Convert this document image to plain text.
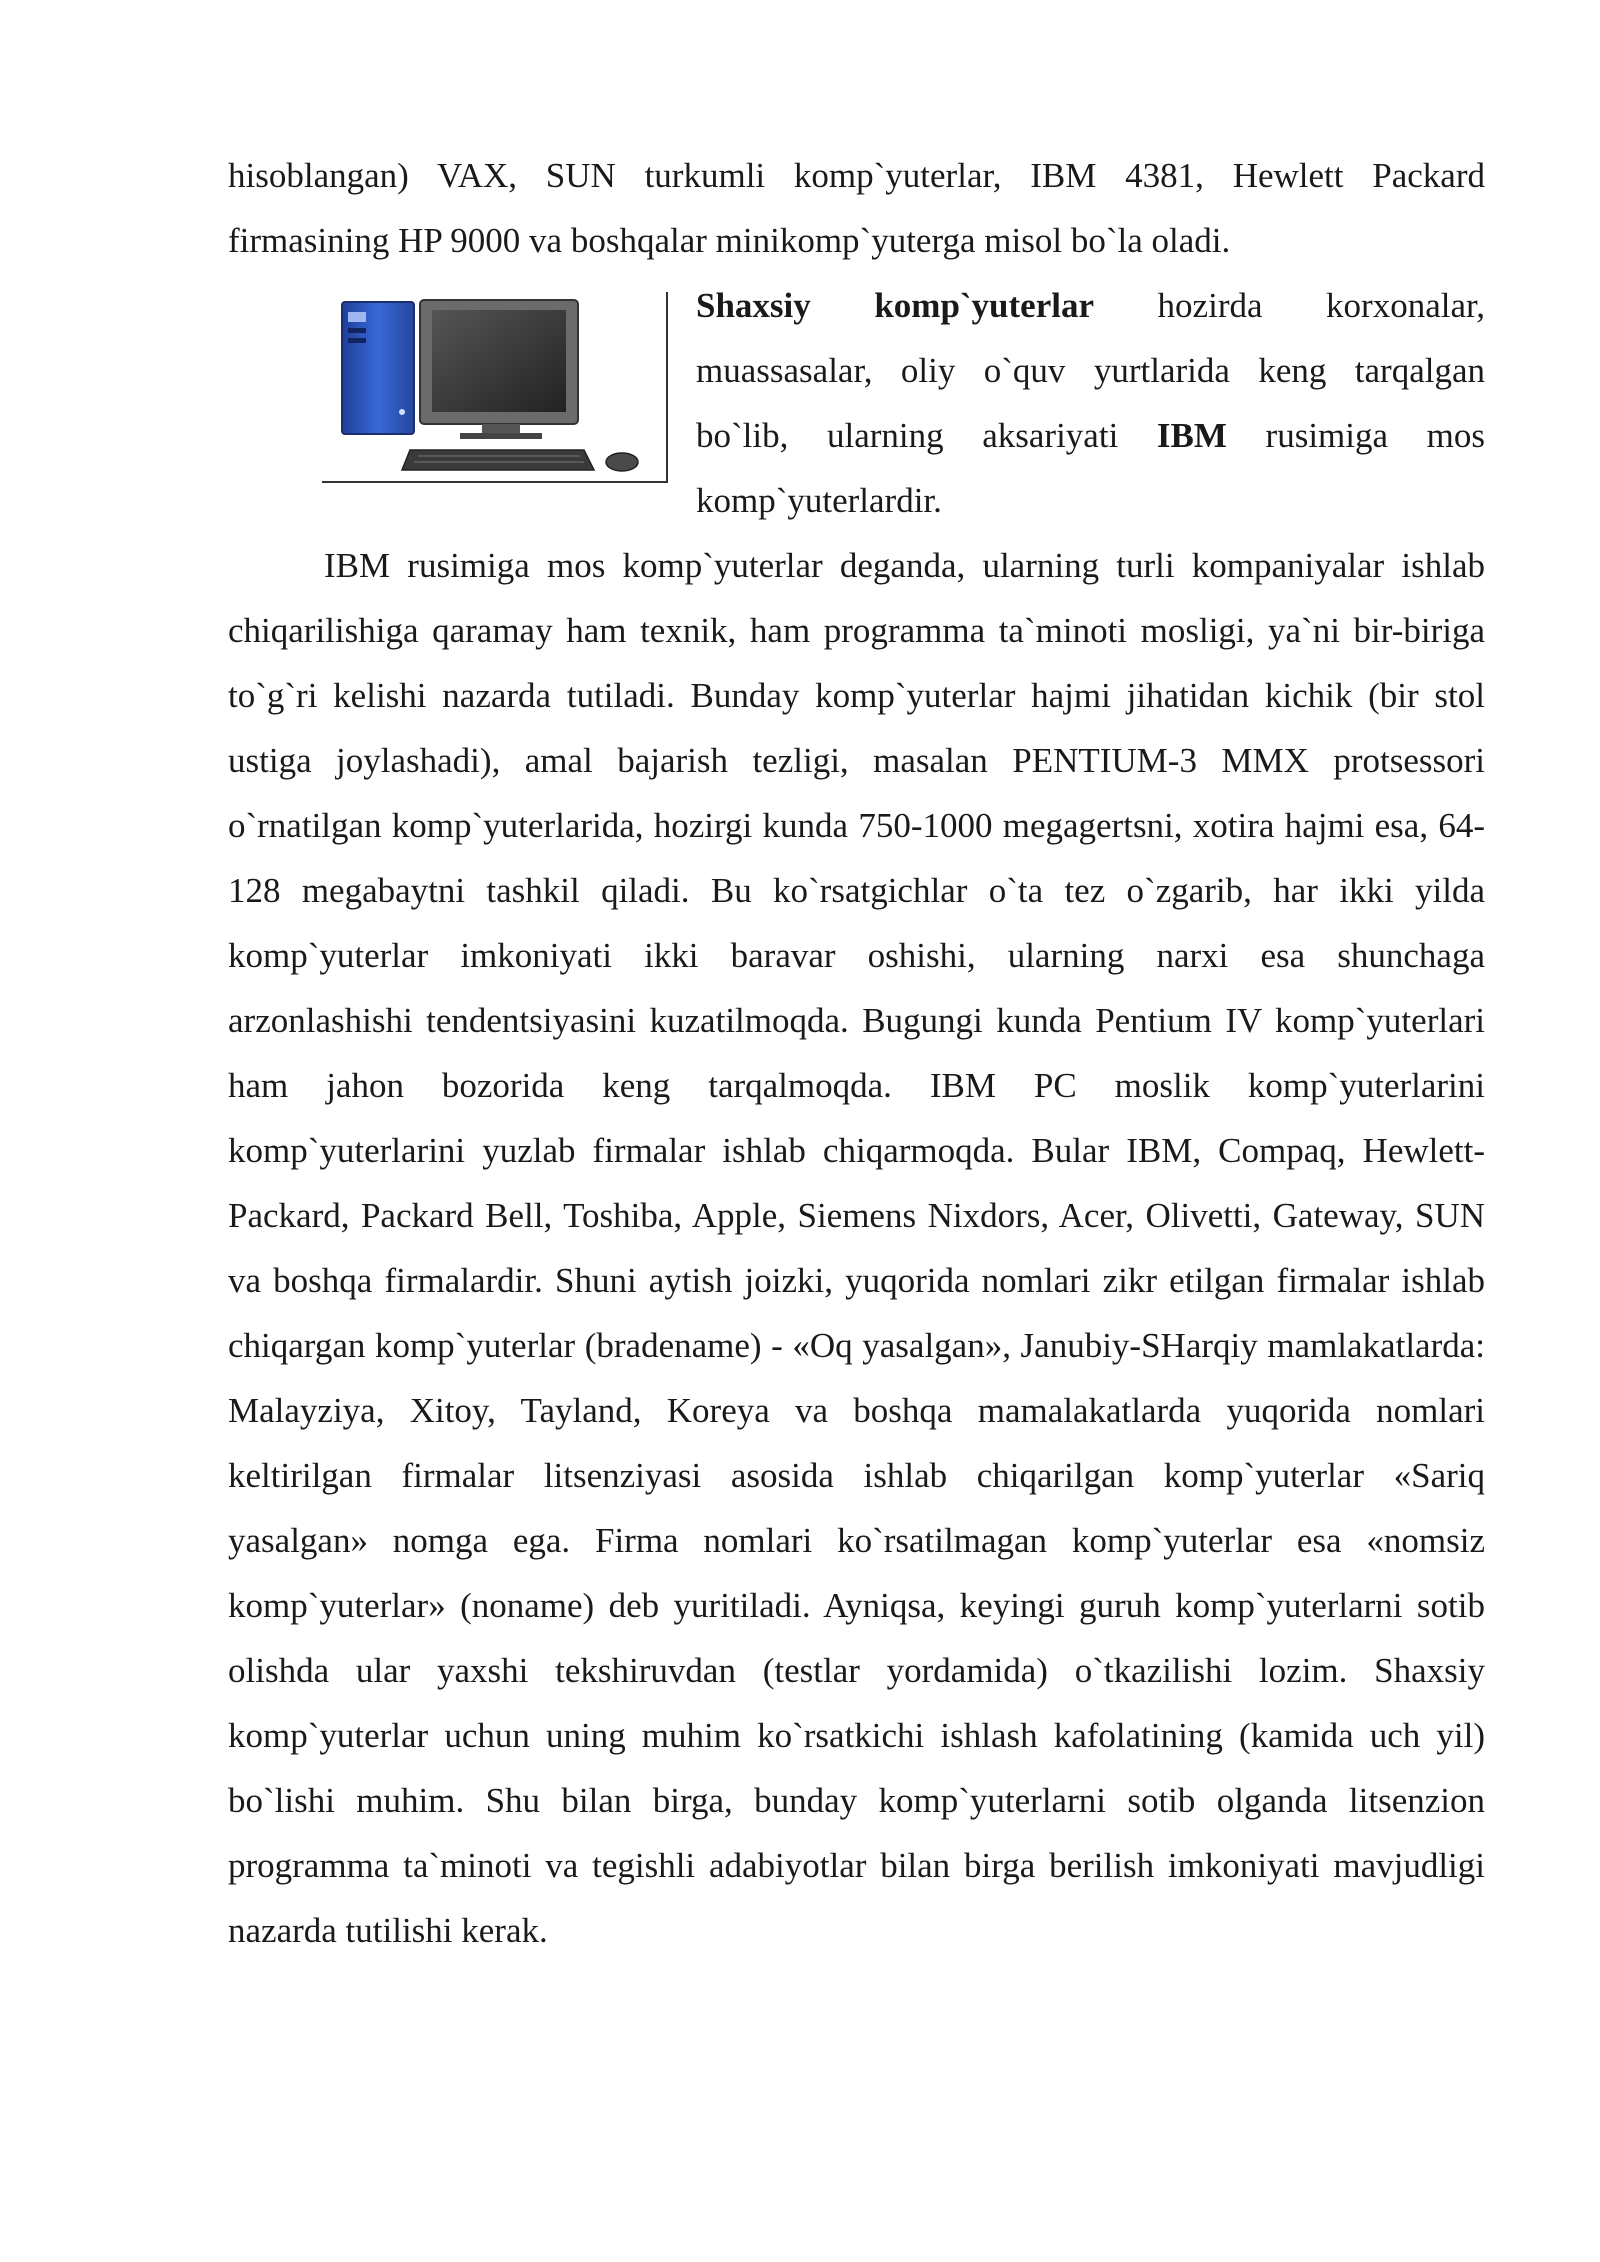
hisoblangan) VAX, SUN turkumli komp`yuterlar, IBM 4381, Hewlett Packard firmasining HP 9000 va boshqalar minikomp`yuterga misol bo`la oladi.

Shaxsiy komp`yuterlar hozirda korxonalar, muassasalar, oliy o`quv yurtlarida keng tarqalgan bo`lib, ularning aksariyati IBM rusimiga mos komp`yuterlardir.

IBM rusimiga mos komp`yuterlar deganda, ularning turli kompaniyalar ishlab chiqarilishiga qaramay ham texnik, ham programma ta`minoti mosligi, ya`ni bir-biriga to`g`ri kelishi nazarda tutiladi. Bunday komp`yuterlar hajmi jihatidan kichik (bir stol ustiga joylashadi), amal bajarish tezligi, masalan PENTIUM-3 MMX protsessori o`rnatilgan komp`yuterlarida, hozirgi kunda 750-1000 megagertsni, xotira hajmi esa, 64-128 megabaytni tashkil qiladi. Bu ko`rsatgichlar o`ta tez o`zgarib, har ikki yilda komp`yuterlar imkoniyati ikki baravar oshishi, ularning narxi esa shunchaga arzonlashishi tendentsiyasini kuzatilmoqda. Bugungi kunda Pentium IV komp`yuterlari ham jahon bozorida keng tarqalmoqda. IBM PC moslik komp`yuterlarini komp`yuterlarini yuzlab firmalar ishlab chiqarmoqda. Bular IBM, Compaq, Hewlett-Packard, Packard Bell, Toshiba, Apple, Siemens Nixdors, Acer, Olivetti, Gateway, SUN va boshqa firmalardir. Shuni aytish joizki, yuqorida nomlari zikr etilgan firmalar ishlab chiqargan komp`yuterlar (bradename) - «Oq yasalgan», Janubiy-SHarqiy mamlakatlarda: Malayziya, Xitoy, Tayland, Koreya va boshqa mamalakatlarda yuqorida nomlari keltirilgan firmalar litsenziyasi asosida ishlab chiqarilgan komp`yuterlar «Sariq yasalgan» nomga ega. Firma nomlari ko`rsatilmagan komp`yuterlar esa «nomsiz komp`yuterlar» (noname) deb yuritiladi. Ayniqsa, keyingi guruh komp`yuterlarni sotib olishda ular yaxshi tekshiruvdan (testlar yordamida) o`tkazilishi lozim. Shaxsiy komp`yuterlar uchun uning muhim ko`rsatkichi ishlash kafolatining (kamida uch yil) bo`lishi muhim. Shu bilan birga, bunday komp`yuterlarni sotib olganda litsenzion programma ta`minoti va tegishli adabiyotlar bilan birga berilish imkoniyati mavjudligi nazarda tutilishi kerak.
